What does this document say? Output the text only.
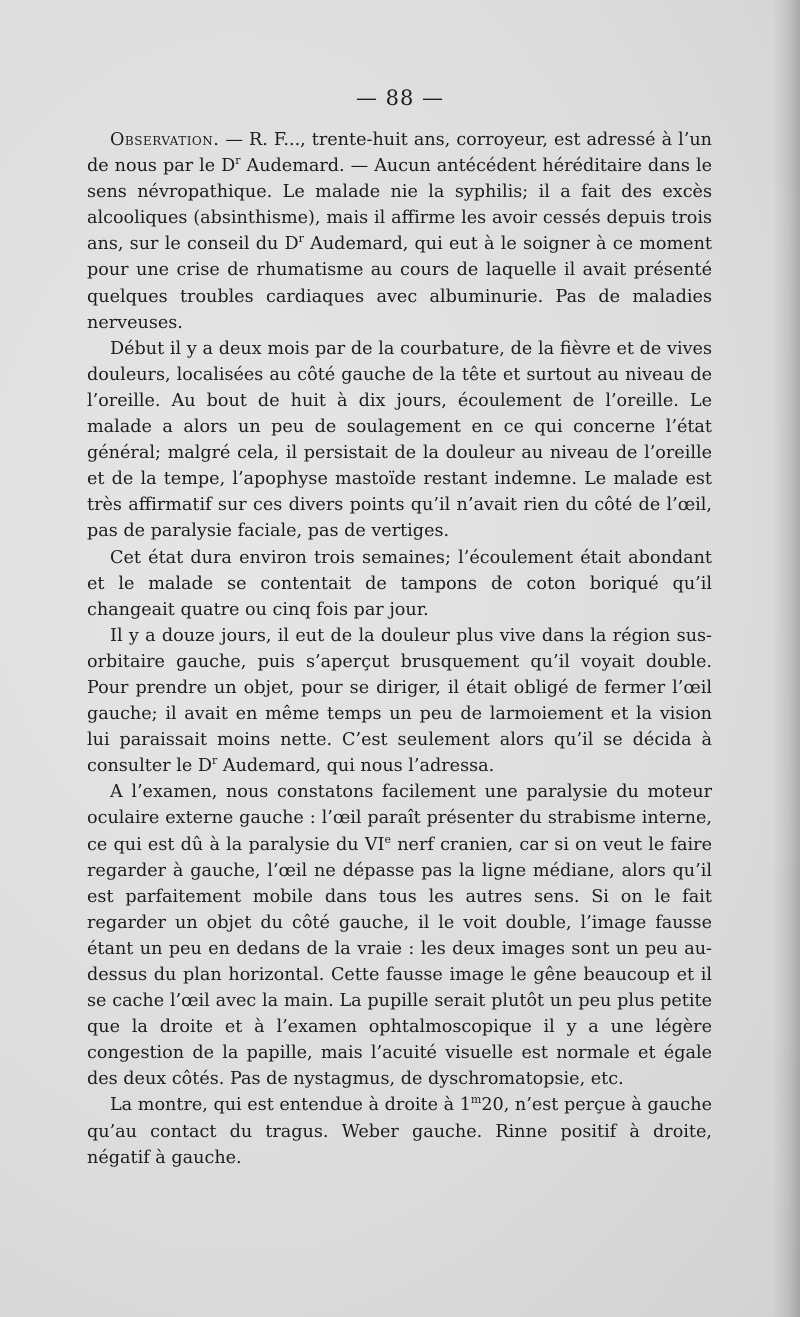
— 88 —

Observation. — R. F..., trente-huit ans, corroyeur, est adressé à l’un de nous par le $D^r$ Audemard. — Aucun antécédent héréditaire dans le sens névropathique. Le malade nie la syphilis; il a fait des excès alcooliques (absinthisme), mais il affirme les avoir cessés depuis trois ans, sur le conseil du $D^r$ Audemard, qui eut à le soigner à ce moment pour une crise de rhumatisme au cours de laquelle il avait présenté quelques troubles cardiaques avec albuminurie. Pas de maladies nerveuses.

Début il y a deux mois par de la courbature, de la fièvre et de vives douleurs, localisées au côté gauche de la tête et surtout au niveau de l’oreille. Au bout de huit à dix jours, écoulement de l’oreille. Le malade a alors un peu de soulagement en ce qui concerne l’état général; malgré cela, il persistait de la douleur au niveau de l’oreille et de la tempe, l’apophyse mastoïde restant indemne. Le malade est très affirmatif sur ces divers points qu’il n’avait rien du côté de l’œil, pas de paralysie faciale, pas de vertiges.

Cet état dura environ trois semaines; l’écoulement était abondant et le malade se contentait de tampons de coton boriqué qu’il changeait quatre ou cinq fois par jour.

Il y a douze jours, il eut de la douleur plus vive dans la région sus-orbitaire gauche, puis s’aperçut brusquement qu’il voyait double. Pour prendre un objet, pour se diriger, il était obligé de fermer l’œil gauche; il avait en même temps un peu de larmoiement et la vision lui paraissait moins nette. C’est seulement alors qu’il se décida à consulter le $D^r$ Audemard, qui nous l’adressa.

A l’examen, nous constatons facilement une paralysie du moteur oculaire externe gauche : l’œil paraît présenter du strabisme interne, ce qui est dû à la paralysie du VIe nerf cranien, car si on veut le faire regarder à gauche, l’œil ne dépasse pas la ligne médiane, alors qu’il est parfaitement mobile dans tous les autres sens. Si on le fait regarder un objet du côté gauche, il le voit double, l’image fausse étant un peu en dedans de la vraie : les deux images sont un peu au-dessus du plan horizontal. Cette fausse image le gêne beaucoup et il se cache l’œil avec la main. La pupille serait plutôt un peu plus petite que la droite et à l’examen ophtalmoscopique il y a une légère congestion de la papille, mais l’acuité visuelle est normale et égale des deux côtés. Pas de nystagmus, de dyschromatopsie, etc.

La montre, qui est entendue à droite à 1$^m$20, n’est perçue à gauche qu’au contact du tragus. Weber gauche. Rinne positif à droite, négatif à gauche.
